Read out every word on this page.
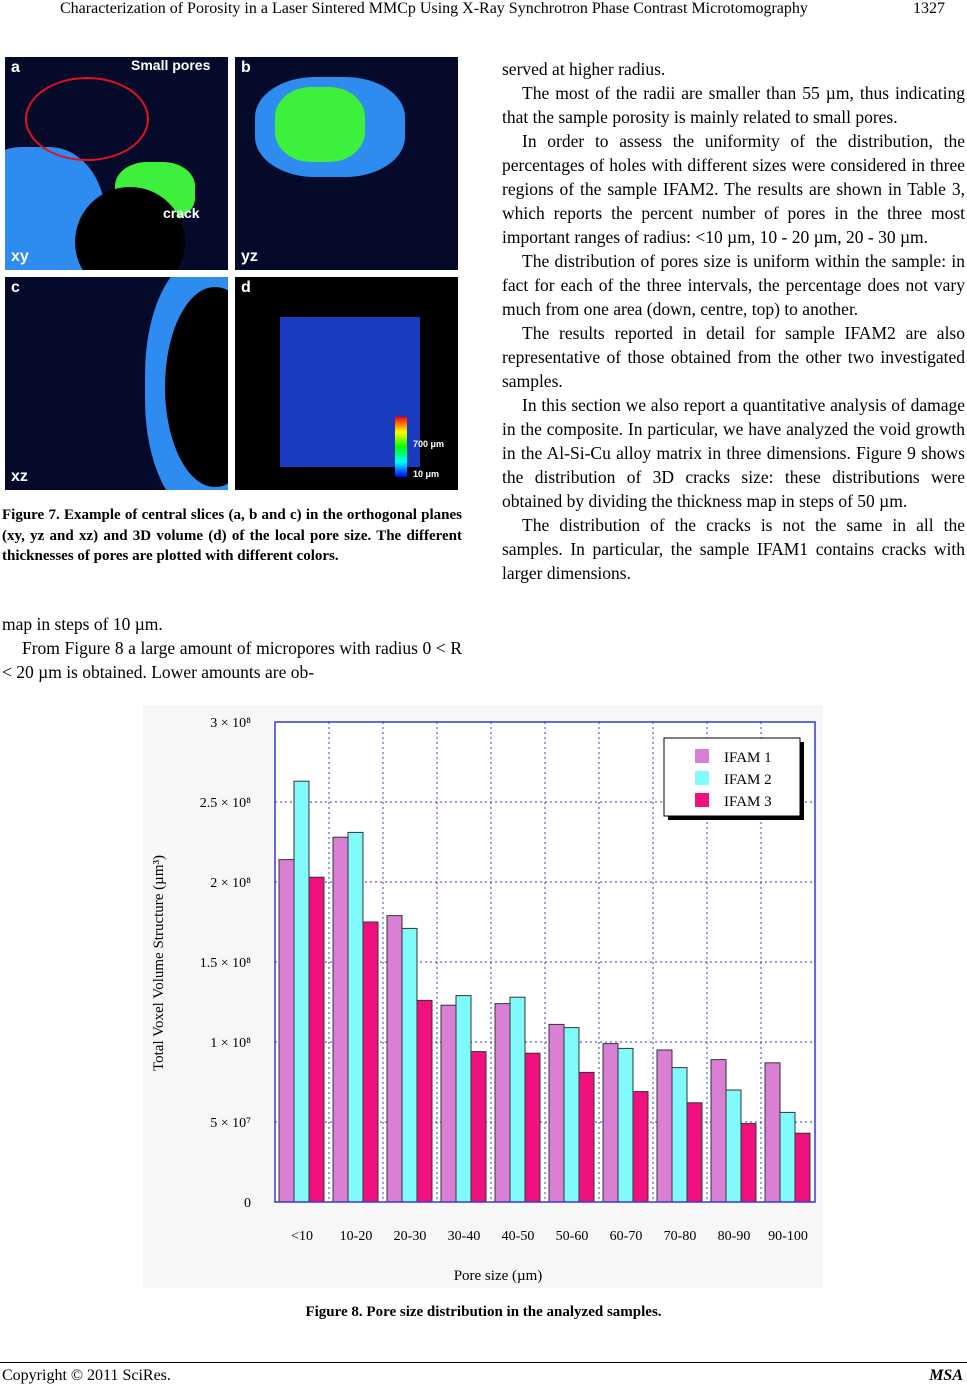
Characterization of Porosity in a Laser Sintered MMCp Using X-Ray Synchrotron Phase Contrast Microtomography	1327
a	Small pores
crack
xy
b
yz
c
xz
d
700 μm
10 μm
Figure 7. Example of central slices (a, b and c) in the orthogonal planes (xy, yz and xz) and 3D volume (d) of the local pore size. The different thicknesses of pores are plotted with different colors.

map in steps of 10 µm.

From Figure 8 a large amount of micropores with radius 0 < R < 20 µm is obtained. Lower amounts are ob-

served at higher radius.

The most of the radii are smaller than 55 µm, thus indicating that the sample porosity is mainly related to small pores.

In order to assess the uniformity of the distribution, the percentages of holes with different sizes were considered in three regions of the sample IFAM2. The results are shown in Table 3, which reports the percent number of pores in the three most important ranges of radius: <10 µm, 10 - 20 µm, 20 - 30 µm.

The distribution of pores size is uniform within the sample: in fact for each of the three intervals, the percentage does not vary much from one area (down, centre, top) to another.

The results reported in detail for sample IFAM2 are also representative of those obtained from the other two investigated samples.

In this section we also report a quantitative analysis of damage in the composite. In particular, we have analyzed the void growth in the Al-Si-Cu alloy matrix in three dimensions. Figure 9 shows the distribution of 3D cracks size: these distributions were obtained by dividing the thickness map in steps of 50 µm.

The distribution of the cracks is not the same in all the samples. In particular, the sample IFAM1 contains cracks with larger dimensions.

0
5 × 10⁷
1 × 10⁸
1.5 × 10⁸
2 × 10⁸
2.5 × 10⁸
3 × 10⁸
<10 10-20 20-30 30-40 40-50 50-60 60-70 70-80 80-90 90-100
Pore size (µm)
Total Voxel Volume Structure (µm³)
IFAM 1
IFAM 2
IFAM 3
Figure 8. Pore size distribution in the analyzed samples.
Copyright © 2011 SciRes.	MSA
